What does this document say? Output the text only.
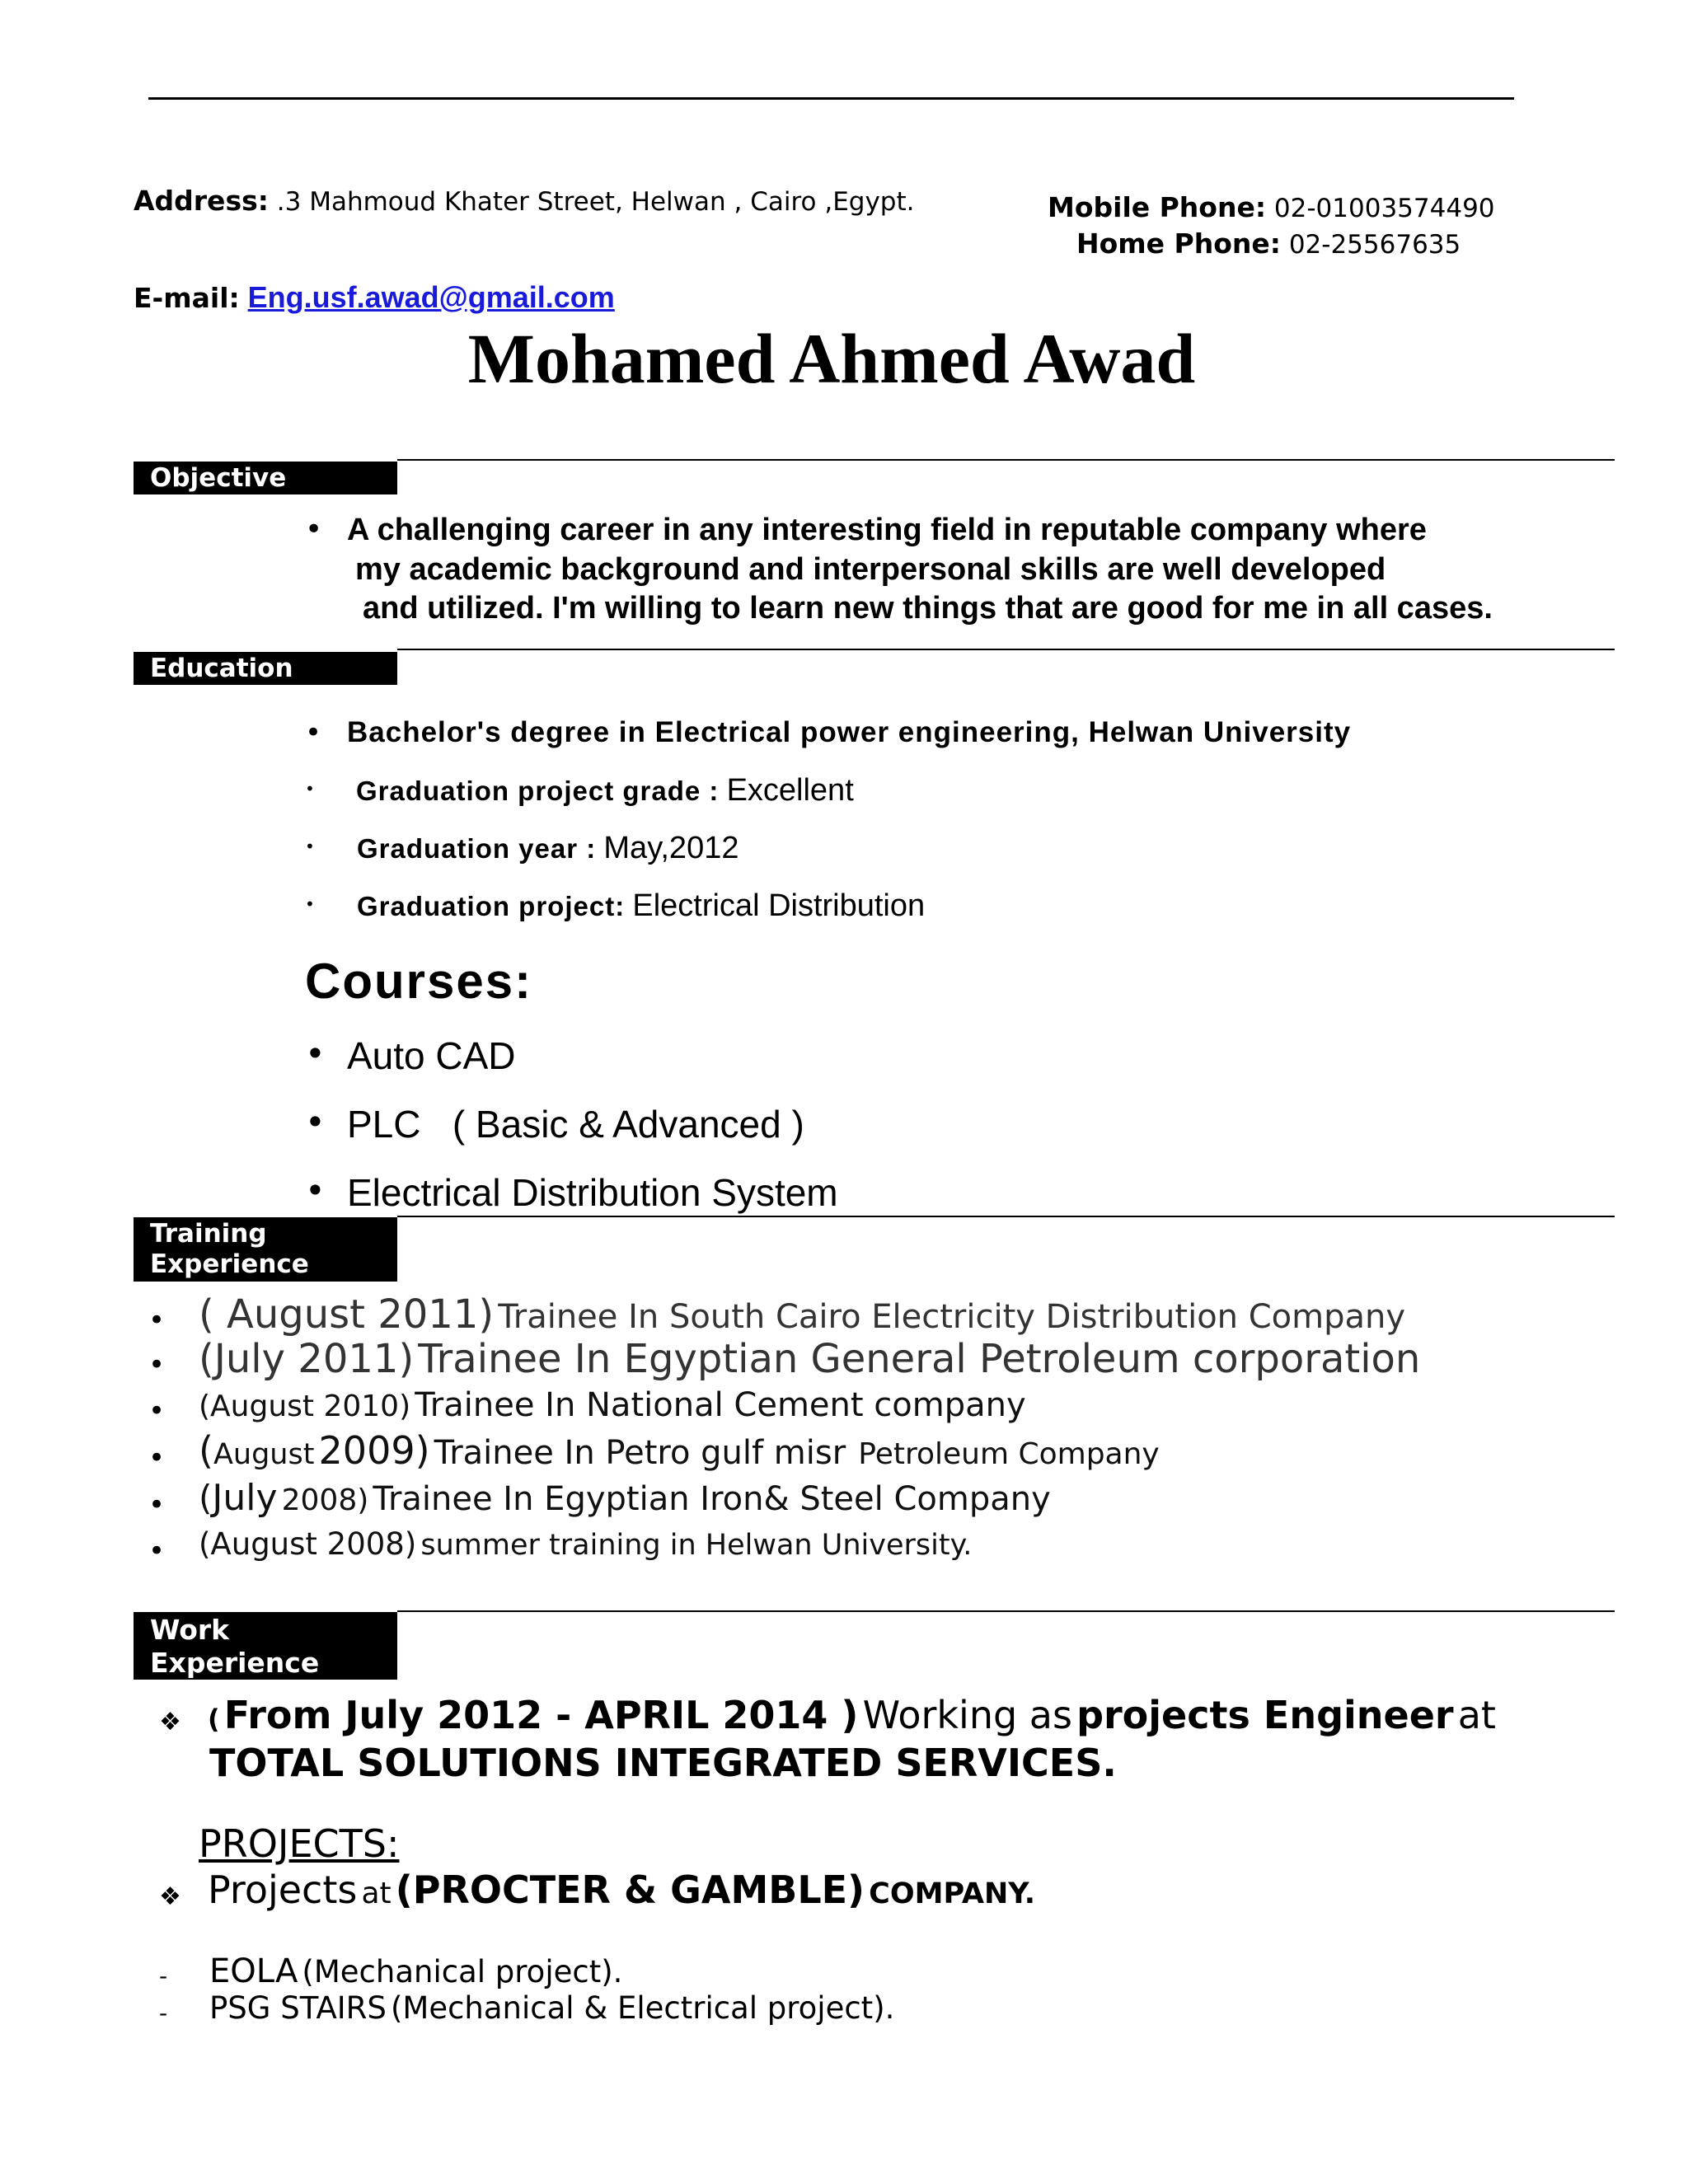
Address: .3 Mahmoud Khater Street, Helwan , Cairo ,Egypt.	Mobile Phone: 02-01003574490
Home Phone: 02-25567635
E-mail: Eng.usf.awad@gmail.com
Mohamed Ahmed Awad
Objective
• A challenging career in any interesting field in reputable company where
my academic background and interpersonal skills are well developed
and utilized. I'm willing to learn new things that are good for me in all cases.
Education
• Bachelor's degree in Electrical power engineering, Helwan University
• Graduation project grade : Excellent
• Graduation year : May,2012
• Graduation project: Electrical Distribution
Courses:
• Auto CAD
• PLC   ( Basic & Advanced )
• Electrical Distribution System
Training
Experience
• ( August 2011) Trainee In South Cairo Electricity Distribution Company
• (July 2011) Trainee In Egyptian General Petroleum corporation
• (August 2010) Trainee In National Cement company
• (August 2009) Trainee In Petro gulf misr Petroleum Company
• (July 2008) Trainee In Egyptian Iron& Steel Company
• (August 2008) summer training in Helwan University.
Work
Experience
❖ ( From July 2012 - APRIL 2014 ) Working as projects Engineer at
TOTAL SOLUTIONS INTEGRATED SERVICES.
PROJECTS:
❖ Projects at (PROCTER & GAMBLE) COMPANY.
- EOLA (Mechanical project).
- PSG STAIRS (Mechanical & Electrical project).
